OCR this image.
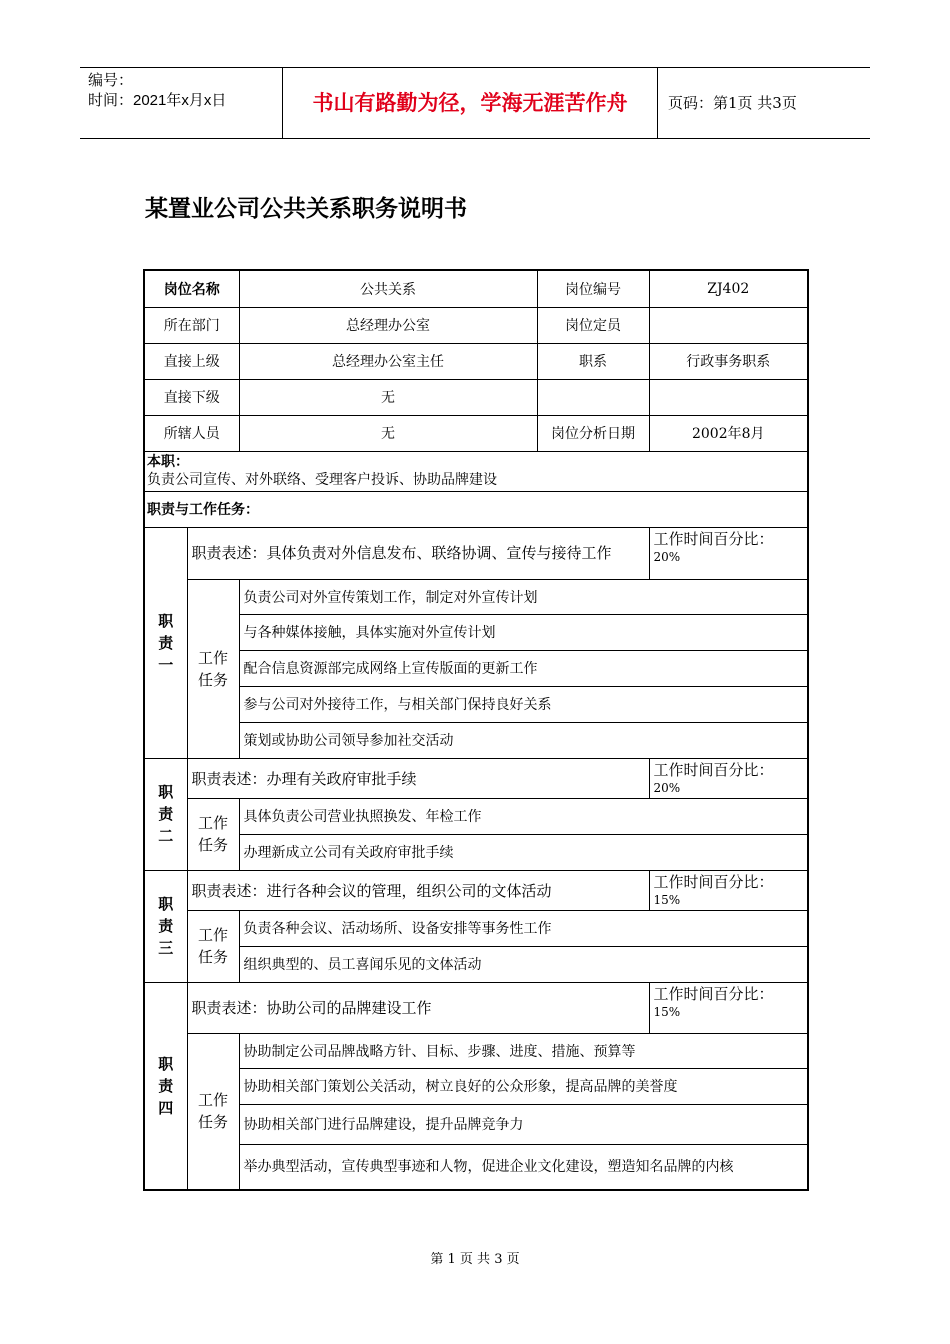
编号：
时间：2021年x月x日	书山有路勤为径，学海无涯苦作舟	页码：第1页 共3页
某置业公司公共关系职务说明书
岗位名称		公共关系	岗位编号	ZJ402
所在部门		总经理办公室	岗位定员	
直接上级		总经理办公室主任	职系	行政事务职系
直接下级		无		
所辖人员		无	岗位分析日期	2002年8月

本职：
负责公司宣传、对外联络、受理客户投诉、协助品牌建设				

职责与工作任务：				
职
责
一	职责表述：具体负责对外信息发布、联络协调、宣传与接待工作			工作时间百分比：
20%

	工作
任务	负责公司对外宣传策划工作，制定对外宣传计划		
		与各种媒体接触，具体实施对外宣传计划		
		配合信息资源部完成网络上宣传版面的更新工作		
		参与公司对外接待工作，与相关部门保持良好关系		
		策划或协助公司领导参加社交活动		
职
责
二	职责表述：办理有关政府审批手续			工作时间百分比：
20%

	工作
任务	具体负责公司营业执照换发、年检工作		
		办理新成立公司有关政府审批手续		
职
责
三	职责表述：进行各种会议的管理，组织公司的文体活动			工作时间百分比：
15%

	工作
任务	负责各种会议、活动场所、设备安排等事务性工作		
		组织典型的、员工喜闻乐见的文体活动		
职
责
四	职责表述：协助公司的品牌建设工作			工作时间百分比：
15%

	工作
任务	协助制定公司品牌战略方针、目标、步骤、进度、措施、预算等		
		协助相关部门策划公关活动，树立良好的公众形象，提高品牌的美誉度		
		协助相关部门进行品牌建设，提升品牌竞争力		
		举办典型活动，宣传典型事迹和人物，促进企业文化建设，塑造知名品牌的内核		
第 1 页 共 3 页
